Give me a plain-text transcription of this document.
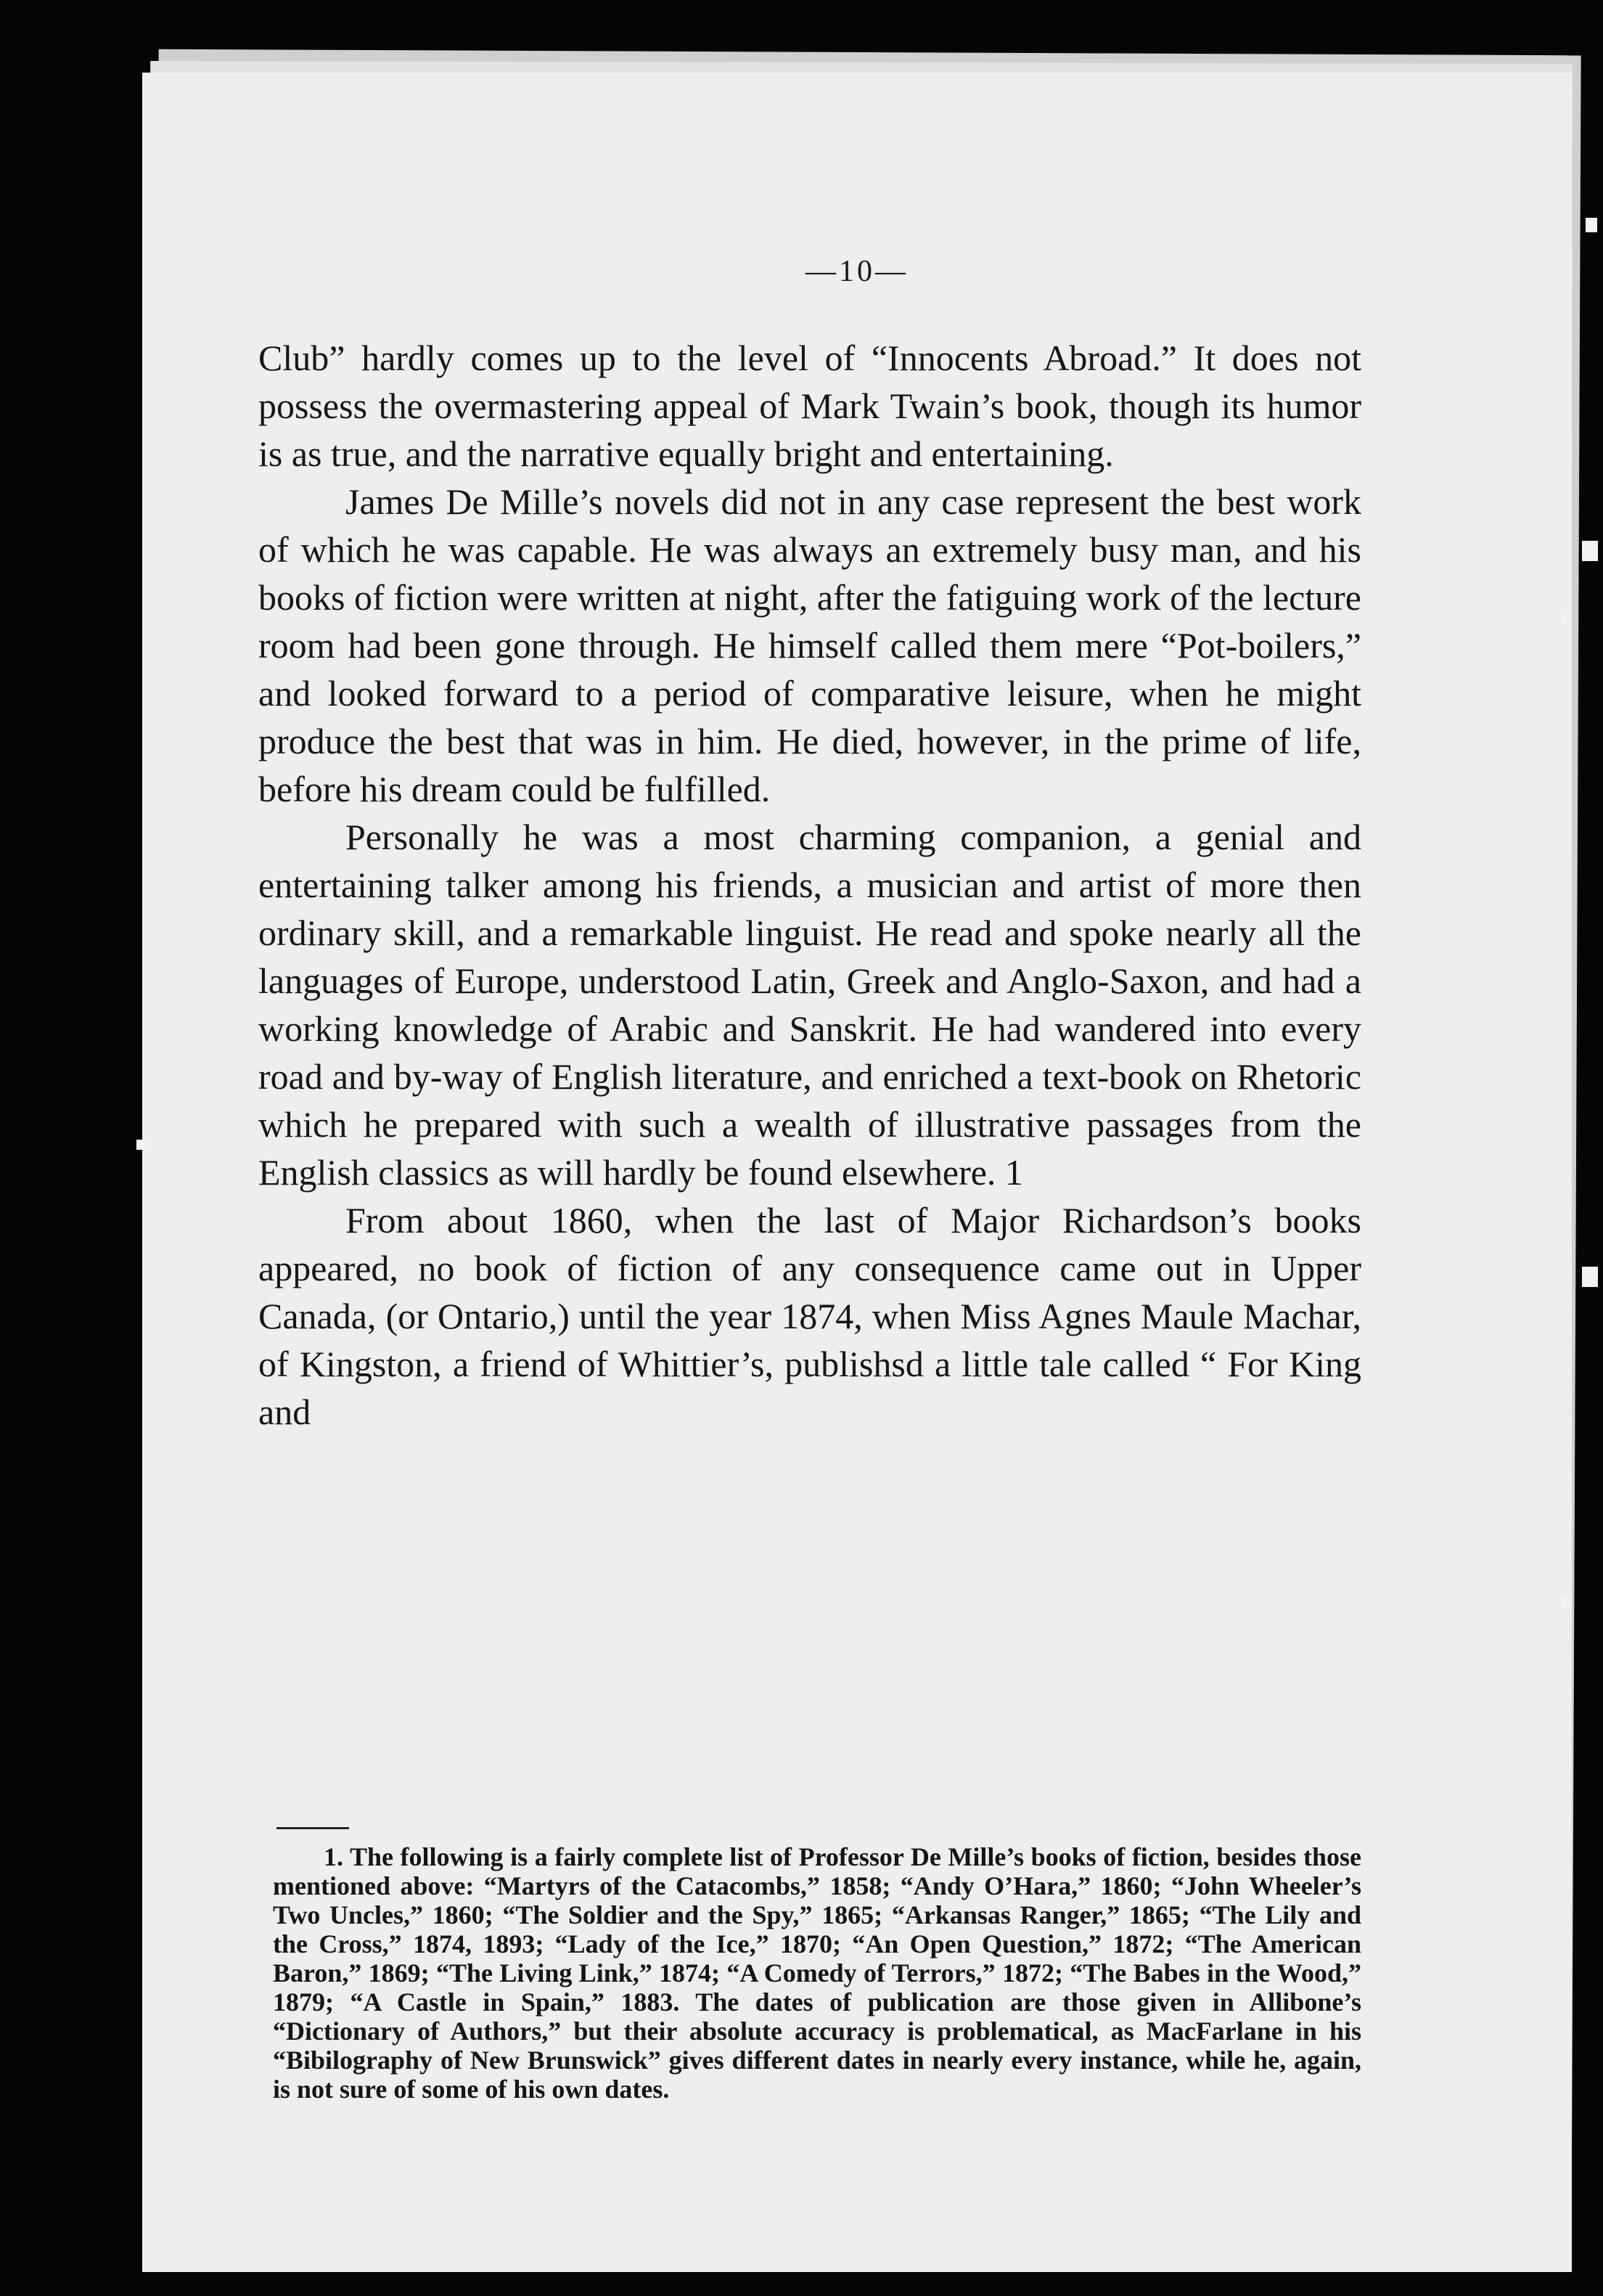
—10—

Club” hardly comes up to the level of “Innocents Abroad.” It does not possess the overmastering appeal of Mark Twain’s book, though its humor is as true, and the narrative equally bright and entertaining.

James De Mille’s novels did not in any case represent the best work of which he was capable. He was always an extremely busy man, and his books of fiction were written at night, after the fatiguing work of the lecture room had been gone through. He himself called them mere “Pot-boilers,” and looked forward to a period of comparative leisure, when he might produce the best that was in him. He died, however, in the prime of life, before his dream could be fulfilled.

Personally he was a most charming companion, a genial and entertaining talker among his friends, a musician and artist of more then ordinary skill, and a remarkable linguist. He read and spoke nearly all the languages of Europe, understood Latin, Greek and Anglo-Saxon, and had a working knowledge of Arabic and Sanskrit. He had wandered into every road and by-way of English literature, and enriched a text-book on Rhetoric which he prepared with such a wealth of illustrative passages from the English classics as will hardly be found elsewhere. 1

From about 1860, when the last of Major Richardson’s books appeared, no book of fiction of any consequence came out in Upper Canada, (or Ontario,) until the year 1874, when Miss Agnes Maule Machar, of Kingston, a friend of Whittier’s, publishsd a little tale called “ For King and

1. The following is a fairly complete list of Professor De Mille’s books of fiction, besides those mentioned above: “Martyrs of the Catacombs,” 1858; “Andy O’Hara,” 1860; “John Wheeler’s Two Uncles,” 1860; “The Soldier and the Spy,” 1865; “Arkansas Ranger,” 1865; “The Lily and the Cross,” 1874, 1893; “Lady of the Ice,” 1870; “An Open Question,” 1872; “The American Baron,” 1869; “The Living Link,” 1874; “A Comedy of Terrors,” 1872; “The Babes in the Wood,” 1879; “A Castle in Spain,” 1883. The dates of publication are those given in Allibone’s “Dictionary of Authors,” but their absolute accuracy is problematical, as MacFarlane in his “Bibilography of New Brunswick” gives different dates in nearly every instance, while he, again, is not sure of some of his own dates.
